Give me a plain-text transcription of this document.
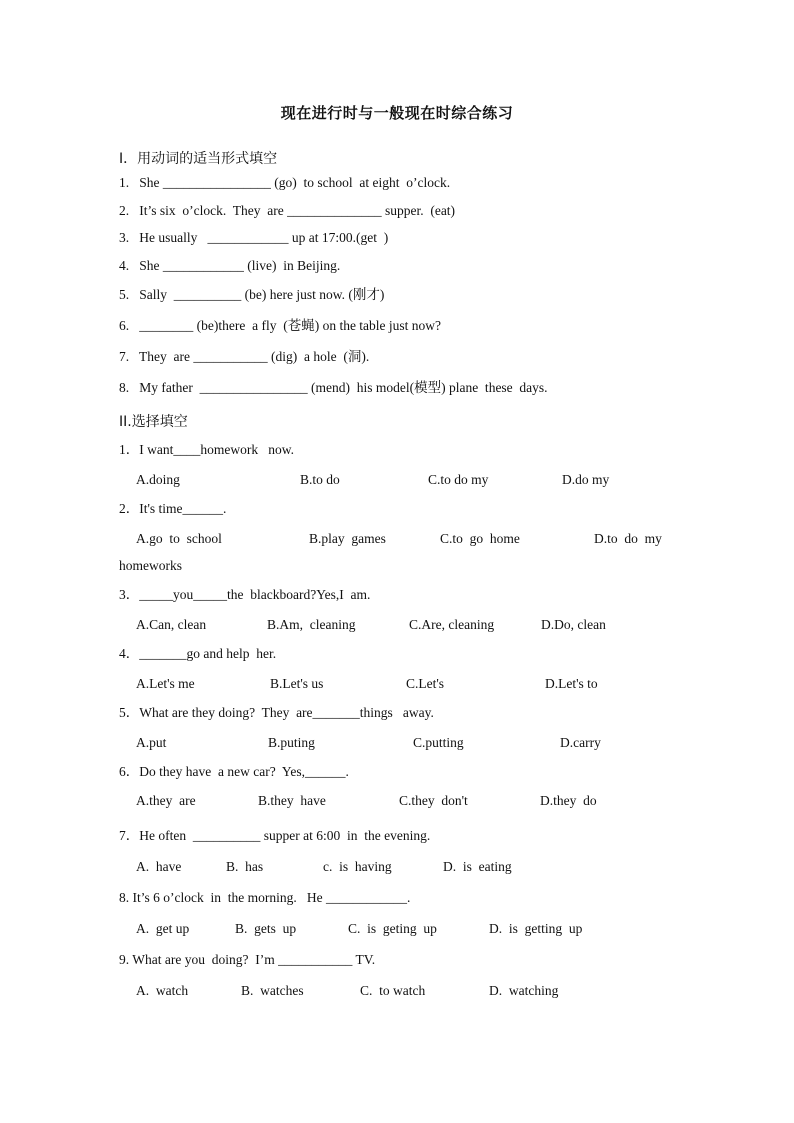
现在进行时与一般现在时综合练习
I．用动词的适当形式填空
1.   She ________________ (go)  to school  at eight  o’clock.
2.   It’s six  o’clock.  They  are ______________ supper.  (eat)
3.   He usually   ____________ up at 17:00.(get  )
4.   She ____________ (live)  in Beijing.
5.   Sally  __________ (be) here just now. (刚才)
6.   ________ (be)there  a fly  (苍蝇) on the table just now?
7.   They  are ___________ (dig)  a hole  (洞).
8.   My father  ________________ (mend)  his model(模型) plane  these  days.
II.选择填空
1．I want____homework   now.
A.doing	B.to do	C.to do my	D.do my
2．It's time______.
A.go  to  school	B.play  games	C.to  go  home	D.to  do  my
homeworks
3．_____you_____the  blackboard?Yes,I  am.
A.Can, clean	B.Am,  cleaning	C.Are, cleaning	D.Do, clean
4．_______go and help  her.
A.Let's me	B.Let's us	C.Let's	D.Let's to
5．What are they doing?  They  are_______things   away.
A.put	B.puting	C.putting	D.carry
6．Do they have  a new car?  Yes,______.
A.they  are	B.they  have	C.they  don't	D.they  do
7．He often  __________ supper at 6:00  in  the evening.
A.  have	B.  has	c.  is  having	D.  is  eating
8. It’s 6 o’clock  in  the morning.   He ____________.
A.  get up	B.  gets  up	C.  is  geting  up	D.  is  getting  up
9. What are you  doing?  I’m ___________ TV.
A.  watch	B.  watches	C.  to watch	D.  watching
